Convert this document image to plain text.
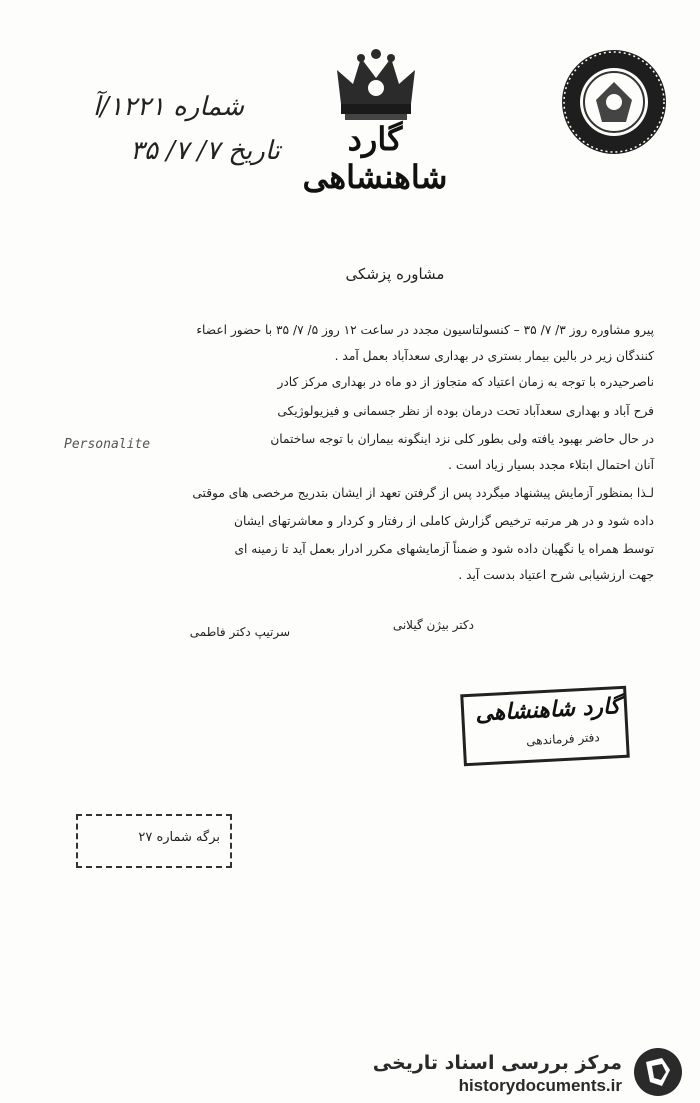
شماره ۱۲۲۱/آ
تاریخ ۷/ ۷/ ۳۵	گارد شاهنشاهی
مشاوره پزشکی
پیرو مشاوره روز ۳/ ۷/ ۳۵ – کنسولتاسیون مجدد در ساعت ۱۲ روز ۵/ ۷/ ۳۵ با حضور اعضاء
کنندگان زیر در بالین بیمار بستری در بهداری سعدآباد بعمل آمد .
ناصرحیدره با توجه به زمان اعتیاد که متجاوز از دو ماه در بهداری مرکز کادر
فرح آباد و بهداری سعدآباد تحت درمان بوده از نظر جسمانی و فیزیولوژیکی
در حال حاضر بهبود یافته ولی بطور کلی نزد اینگونه بیماران با توجه ساختمان
آنان احتمال ابتلاء مجدد بسیار زیاد است .
لـذا بمنظور آزمایش پیشنهاد میگردد پس از گرفتن تعهد از ایشان بتدریج مرخصی های موقتی
داده شود و در هر مرتبه ترخیص گزارش کاملی از رفتار و کردار و معاشرتهای ایشان
توسط همراه یا نگهبان داده شود و ضمناً آزمایشهای مکرر ادرار بعمل آید تا زمینه ای
جهت ارزشیابی شرح اعتیاد بدست آید .
Personalite
سرتیپ دکتر فاطمی	دکتر بیژن گیلانی
گارد شاهنشاهی
دفتر فرماندهی
برگه شماره ۲۷
مرکز بررسی اسناد تاریخی
historydocuments.ir
